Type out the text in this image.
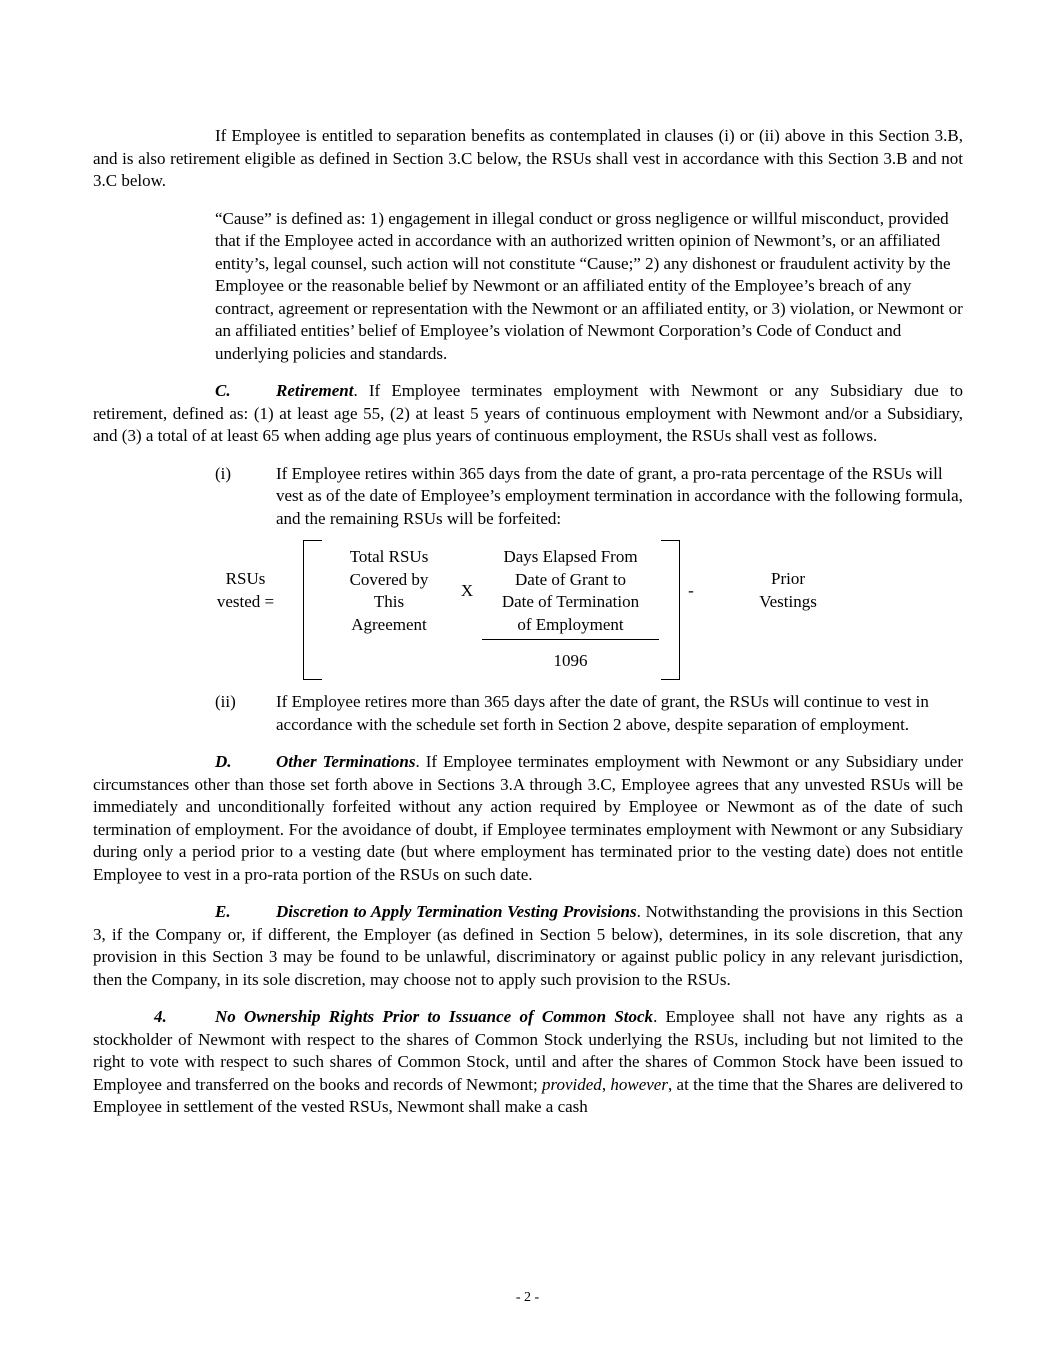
If Employee is entitled to separation benefits as contemplated in clauses (i) or (ii) above in this Section 3.B, and is also retirement eligible as defined in Section 3.C below, the RSUs shall vest in accordance with this Section 3.B and not 3.C below.

“Cause” is defined as: 1) engagement in illegal conduct or gross negligence or willful misconduct, provided that if the Employee acted in accordance with an authorized written opinion of Newmont’s, or an affiliated entity’s, legal counsel, such action will not constitute “Cause;” 2) any dishonest or fraudulent activity by the Employee or the reasonable belief by Newmont or an affiliated entity of the Employee’s breach of any contract, agreement or representation with the Newmont or an affiliated entity, or 3) violation, or Newmont or an affiliated entities’ belief of Employee’s violation of Newmont Corporation’s Code of Conduct and underlying policies and standards.

C.	Retirement. If Employee terminates employment with Newmont or any Subsidiary due to retirement, defined as: (1) at least age 55, (2) at least 5 years of continuous employment with Newmont and/or a Subsidiary, and (3) a total of at least 65 when adding age plus years of continuous employment, the RSUs shall vest as follows.

(i)	If Employee retires within 365 days from the date of grant, a pro-rata percentage of the RSUs will vest as of the date of Employee’s employment termination in accordance with the following formula, and the remaining RSUs will be forfeited:
RSUs
vested =
Total RSUs
Covered by
This
Agreement
X
Days Elapsed From
Date of Grant to
Date of Termination
of Employment
1096
-
Prior
Vestings
(ii)	If Employee retires more than 365 days after the date of grant, the RSUs will continue to vest in accordance with the schedule set forth in Section 2 above, despite separation of employment.

D.	Other Terminations. If Employee terminates employment with Newmont or any Subsidiary under circumstances other than those set forth above in Sections 3.A through 3.C, Employee agrees that any unvested RSUs will be immediately and unconditionally forfeited without any action required by Employee or Newmont as of the date of such termination of employment. For the avoidance of doubt, if Employee terminates employment with Newmont or any Subsidiary during only a period prior to a vesting date (but where employment has terminated prior to the vesting date) does not entitle Employee to vest in a pro-rata portion of the RSUs on such date.

E.	Discretion to Apply Termination Vesting Provisions. Notwithstanding the provisions in this Section 3, if the Company or, if different, the Employer (as defined in Section 5 below), determines, in its sole discretion, that any provision in this Section 3 may be found to be unlawful, discriminatory or against public policy in any relevant jurisdiction, then the Company, in its sole discretion, may choose not to apply such provision to the RSUs.

4.	No Ownership Rights Prior to Issuance of Common Stock. Employee shall not have any rights as a stockholder of Newmont with respect to the shares of Common Stock underlying the RSUs, including but not limited to the right to vote with respect to such shares of Common Stock, until and after the shares of Common Stock have been issued to Employee and transferred on the books and records of Newmont; provided, however, at the time that the Shares are delivered to Employee in settlement of the vested RSUs, Newmont shall make a cash

- 2 -
